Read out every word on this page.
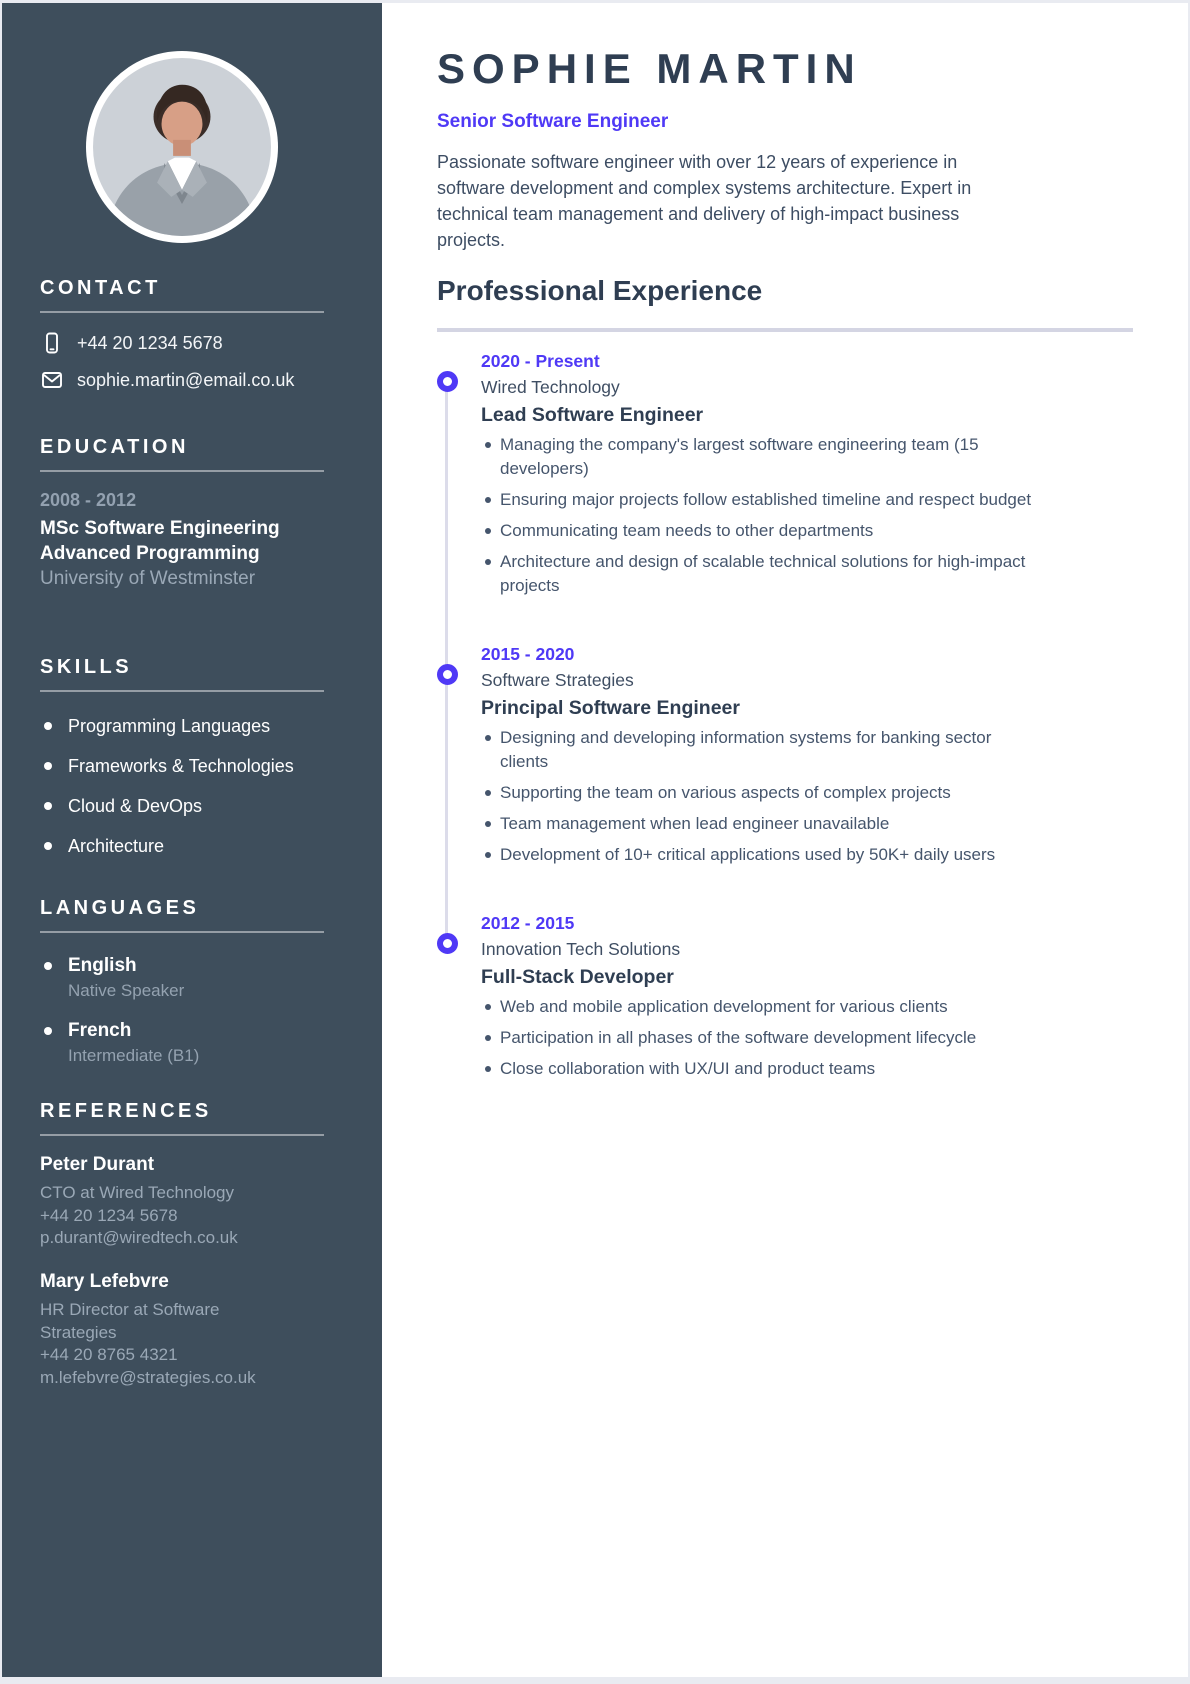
CONTACT
+44 20 1234 5678
sophie.martin@email.co.uk
EDUCATION
2008 - 2012
MSc Software Engineering
Advanced Programming
University of Westminster
SKILLS
Programming Languages
Frameworks & Technologies
Cloud & DevOps
Architecture
LANGUAGES
English
Native Speaker
French
Intermediate (B1)
REFERENCES
Peter Durant

CTO at Wired Technology

+44 20 1234 5678

p.durant@wiredtech.co.uk

Mary Lefebvre

HR Director at Software Strategies

+44 20 8765 4321

m.lefebvre@strategies.co.uk

SOPHIE MARTIN
Senior Software Engineer

Passionate software engineer with over 12 years of experience in software development and complex systems architecture. Expert in technical team management and delivery of high-impact business projects.

Professional Experience
2020 - Present
Wired Technology
Lead Software Engineer
Managing the company's largest software engineering team (15 developers)
Ensuring major projects follow established timeline and respect budget
Communicating team needs to other departments
Architecture and design of scalable technical solutions for high-impact projects
2015 - 2020
Software Strategies
Principal Software Engineer
Designing and developing information systems for banking sector clients
Supporting the team on various aspects of complex projects
Team management when lead engineer unavailable
Development of 10+ critical applications used by 50K+ daily users
2012 - 2015
Innovation Tech Solutions
Full-Stack Developer
Web and mobile application development for various clients
Participation in all phases of the software development lifecycle
Close collaboration with UX/UI and product teams
